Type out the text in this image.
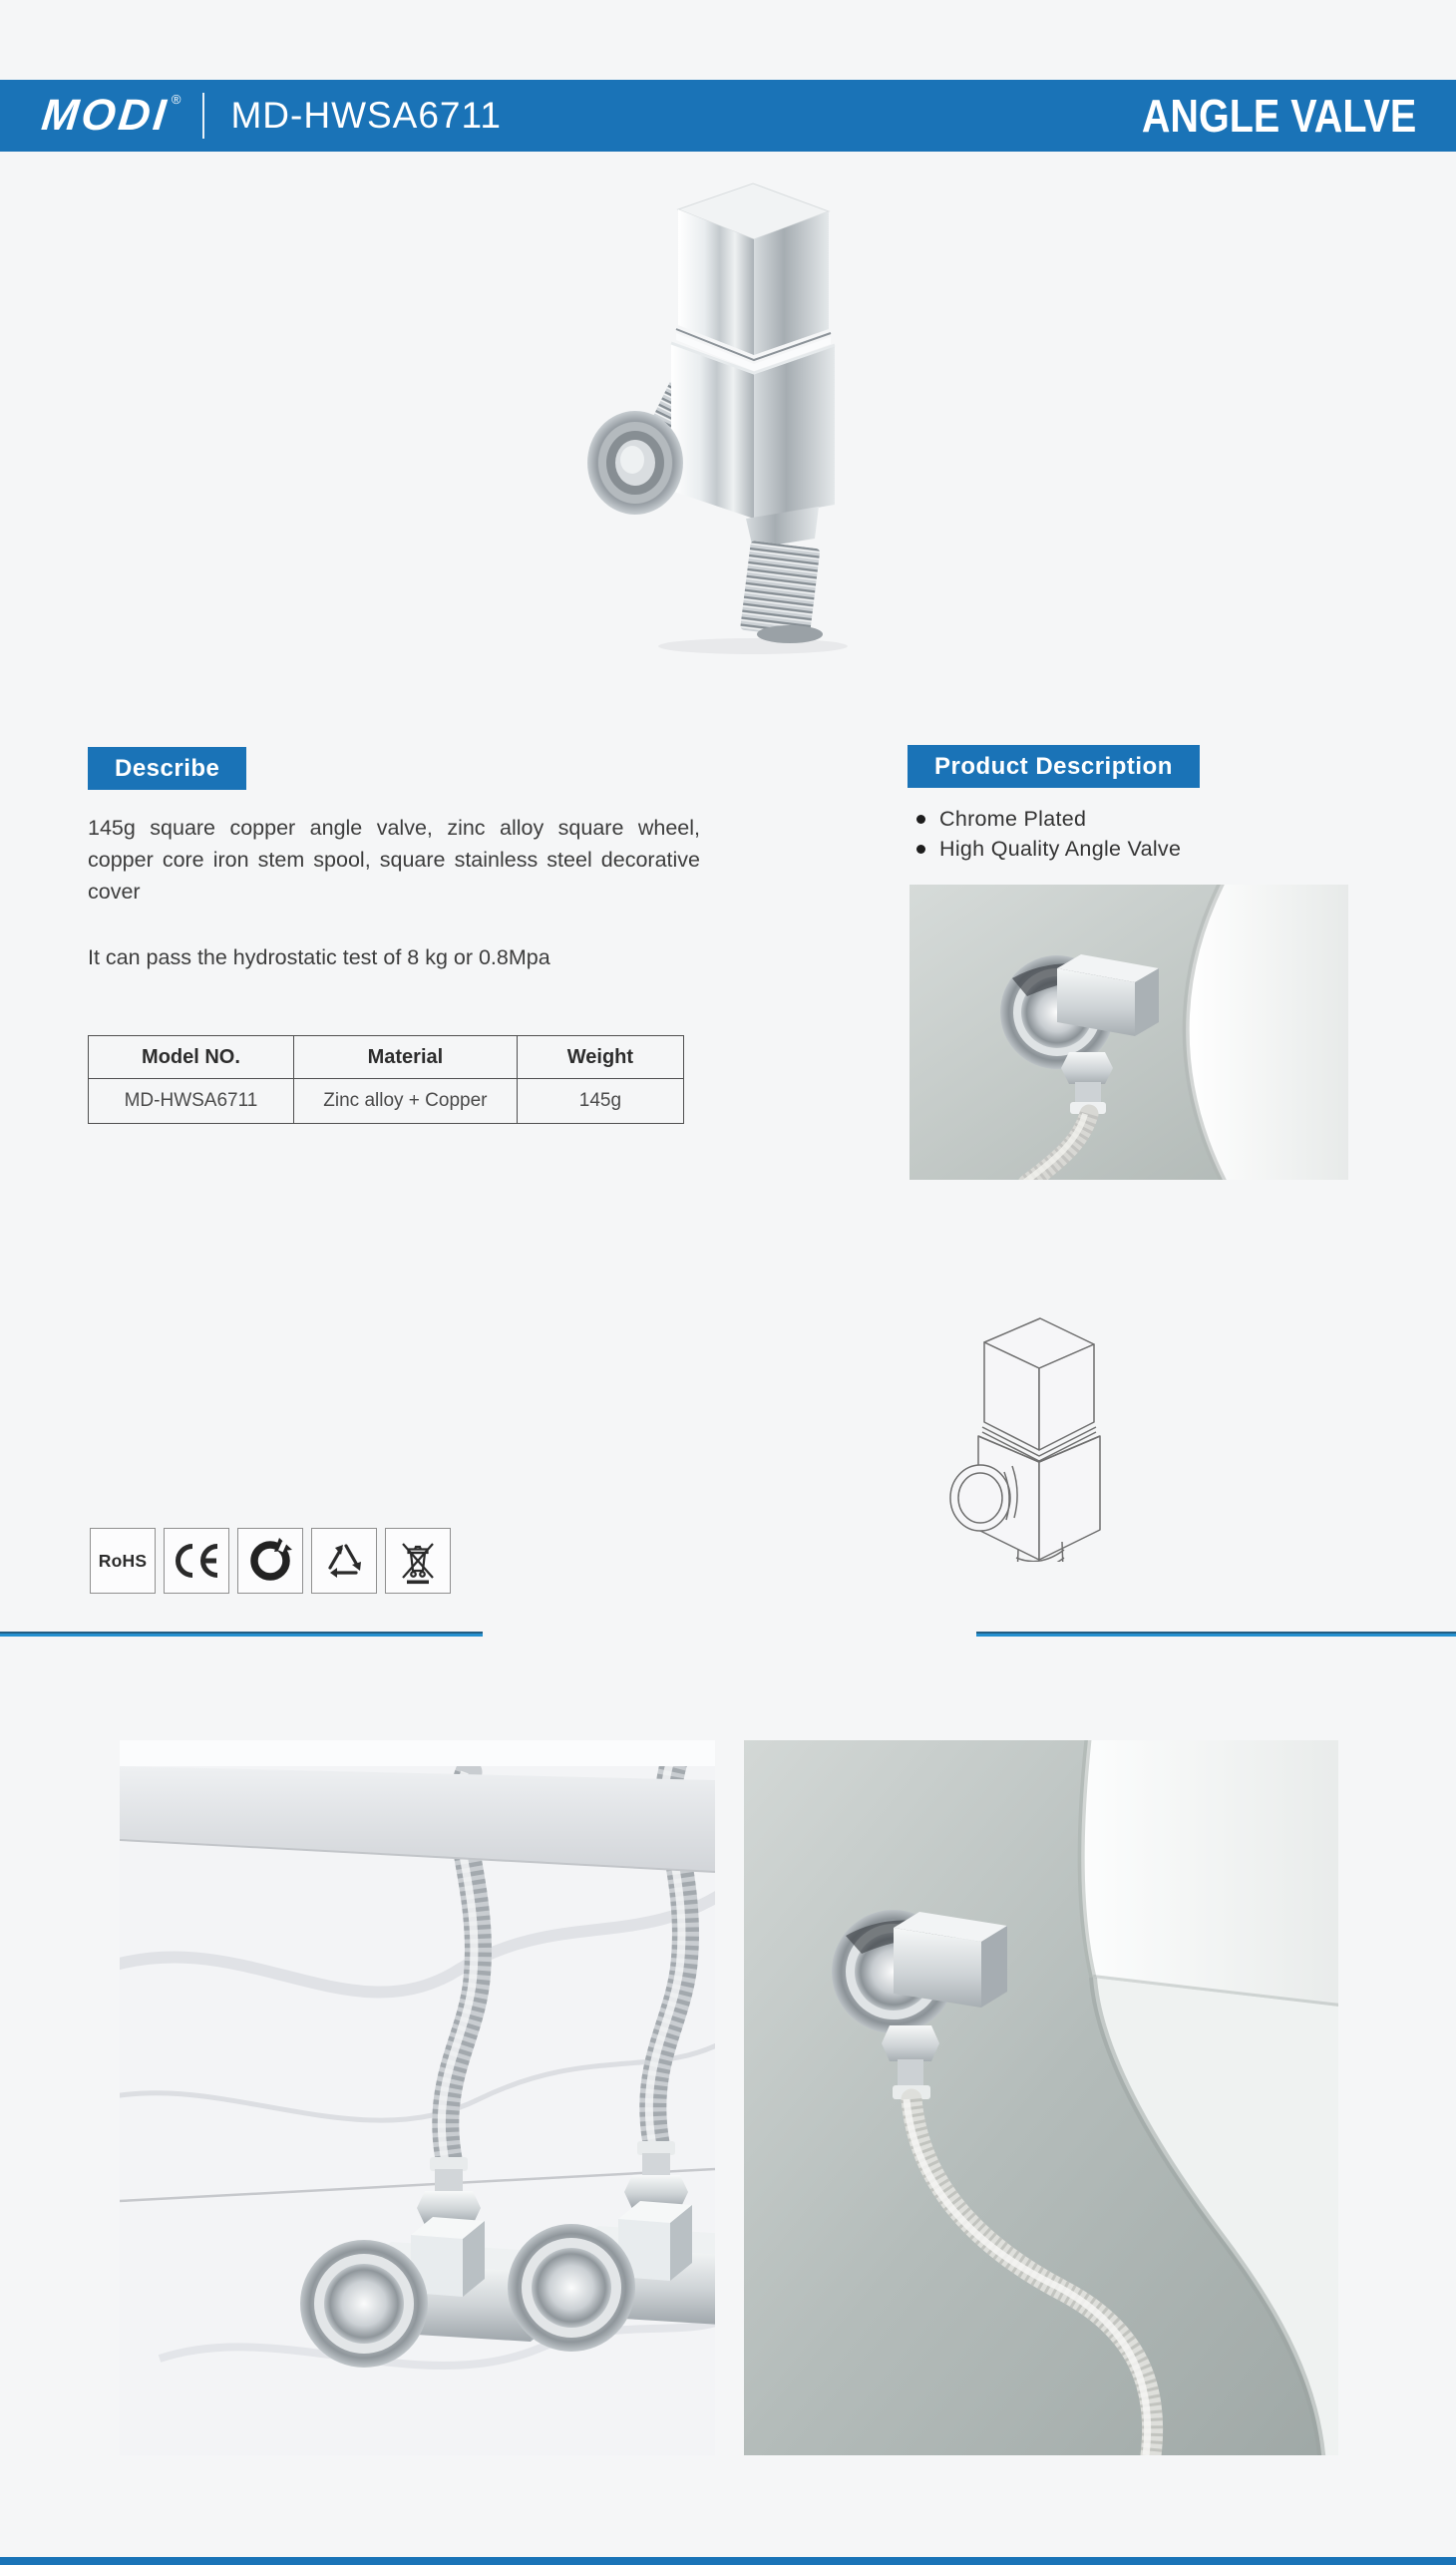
MODI ® MD-HWSA6711	ANGLE VALVE
Describe

145g square copper angle valve, zinc alloy square wheel, copper core iron stem spool, square stainless steel decorative cover

It can pass the hydrostatic test of 8 kg or 0.8Mpa

Model NO.	Material	Weight
MD-HWSA6711	Zinc alloy + Copper	145g
Product Description
Chrome Plated
High Quality Angle Valve
RoHS
